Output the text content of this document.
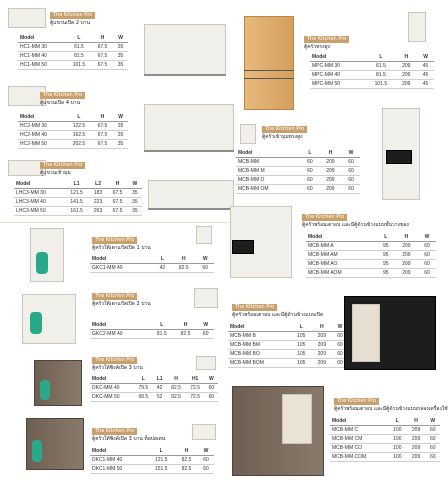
The Kitchen Pro
ตู้แขวนเปิด 2 บาน
Model	L	H	W
HC1-MM 30	61.5	67.5	35
HC1-MM 40	81.5	67.5	35
HC1-MM 50	101.5	67.5	35
The Kitchen Pro
ตู้แขวนเปิด 4 บาน
Model	L	H	W
HC2-MM 30	122.5	67.5	35
HC2-MM 40	162.5	67.5	35
HC2-MM 50	202.5	67.5	35
The Kitchen Pro
ตู้แขวนเข้ามุม
Model	L1	L2	H	W
LHC3-MM 30	121.5	183	67.5	35
LHC3-MM 40	141.5	223	67.5	35
LHC3-MM 50	161.5	263	67.5	35
The Kitchen Pro
ตู้ครัวใต้เตาแก๊สเปิด 1 บาน
Model	L	H	W
GKC1-MM 40	42	82.5	60
The Kitchen Pro
ตู้ครัวใต้เตาแก๊สเปิด 2 บาน
Model	L	H	W
GKC2-MM 40	81.5	82.5	60
The Kitchen Pro
ตู้ครัวใต้ซิงค์เปิด 3 บาน
Model	L	L1	H	H1	W
DKC-MM 40	79.5	42	82.5	72.5	60
DKC-MM 50	99.5	52	82.5	72.5	60
The Kitchen Pro
ตู้ครัวใต้ซิงค์เปิด 3 บาน ท็อปสเตน
Model	L	H	W
DKC1-MM 40	121.5	82.5	60
DKC1-MM 50	151.5	82.5	60
The Kitchen Pro
ตู้ครัวทรงสูง
Model	L	H	W
MPC-MM 30	61.5	209	45
MPC-MM 40	81.5	209	45
MPC-MM 50	101.5	209	45
The Kitchen Pro
ตู้ครัวเข้ามุมทรงสูง
Model	L	H	W
MCB-MM	60	209	60
MCB-MM M	60	209	60
MCB-MM O	60	209	60
MCB-MM OM	60	209	60
The Kitchen Pro
ตู้ครัวพร้อมเตาอบ และมีตู้ด้านข้างแบบชั้นวางของ
Model	L	H	W
MCB-MM A	95	209	60
MCB-MM AM	95	209	60
MCB-MM AO	95	209	60
MCB-MM AOM	95	209	60
The Kitchen Pro
ตู้ครัวพร้อมเตาอบ และมีตู้ด้านข้างแบบเปิด
Model	L	H	W
MCB-MM B	105	209	60
MCB-MM BM	105	209	60
MCB-MM BO	105	209	60
MCB-MM BOM	105	209	60
The Kitchen Pro
ตู้ครัวพร้อมเตาอบ และมีตู้ด้านข้างแบบกล่องเครื่องใช้
Model	L	H	W
MCB-MM C	100	209	60
MCB-MM CM	100	209	60
MCB-MM CO	100	209	60
MCB-MM COM	100	209	60
